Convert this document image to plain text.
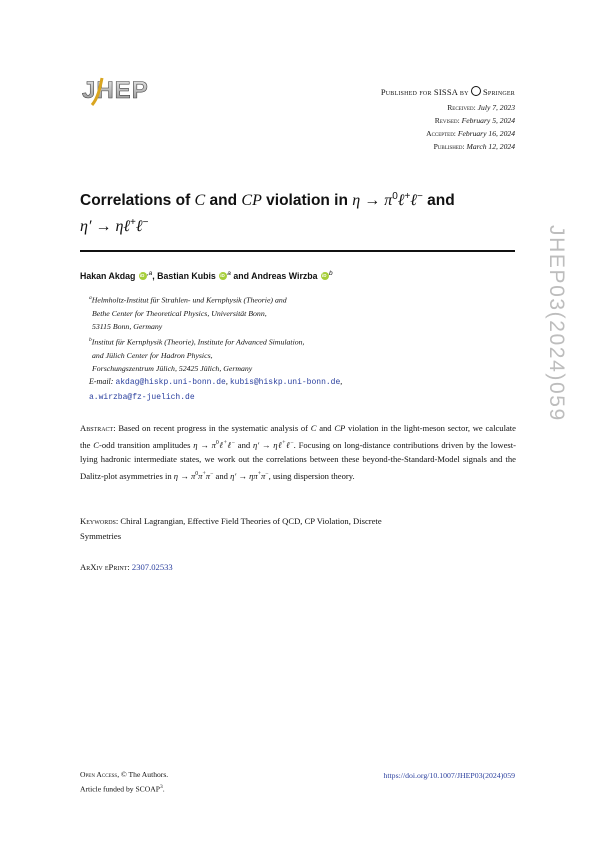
JHEP	Published for SISSA by Springer
Received: July 7, 2023
Revised: February 5, 2024
Accepted: February 16, 2024
Published: March 12, 2024
Correlations of C and CP violation in $\eta \to \pi^0\ell^+\ell^-$ and
η′ → ηℓ+ℓ−
Hakan Akdag iD $^{,a}$, Bastian Kubis iD $^a$ and Andreas Wirzba iD $^b$
$^a$Helmholtz-Institut für Strahlen- und Kernphysik (Theorie) and
Bethe Center for Theoretical Physics, Universität Bonn,
53115 Bonn, Germany
$^b$Institut für Kernphysik (Theorie), Institute for Advanced Simulation,
and Jülich Center for Hadron Physics,
Forschungszentrum Jülich, 52425 Jülich, Germany
E-mail: akdag@hiskp.uni-bonn.de, kubis@hiskp.uni-bonn.de,
a.wirzba@fz-juelich.de
Abstract: Based on recent progress in the systematic analysis of C and CP violation in the light-meson sector, we calculate the C-odd transition amplitudes $\eta \to \pi^0\ell^+\ell^-$ and η′ → ηℓ+ℓ−. Focusing on long-distance contributions driven by the lowest-lying hadronic intermediate states, we work out the correlations between these beyond-the-Standard-Model signals and the Dalitz-plot asymmetries in $\eta \to \pi^0\pi^+\pi^-$ and η′ → ηπ+π−, using dispersion theory.
Keywords: Chiral Lagrangian, Effective Field Theories of QCD, CP Violation, Discrete
Symmetries
ArXiv ePrint: 2307.02533
Open Access, © The Authors.
Article funded by SCOAP$^3$.
https://doi.org/10.1007/JHEP03(2024)059
JHEP03(2024)059
